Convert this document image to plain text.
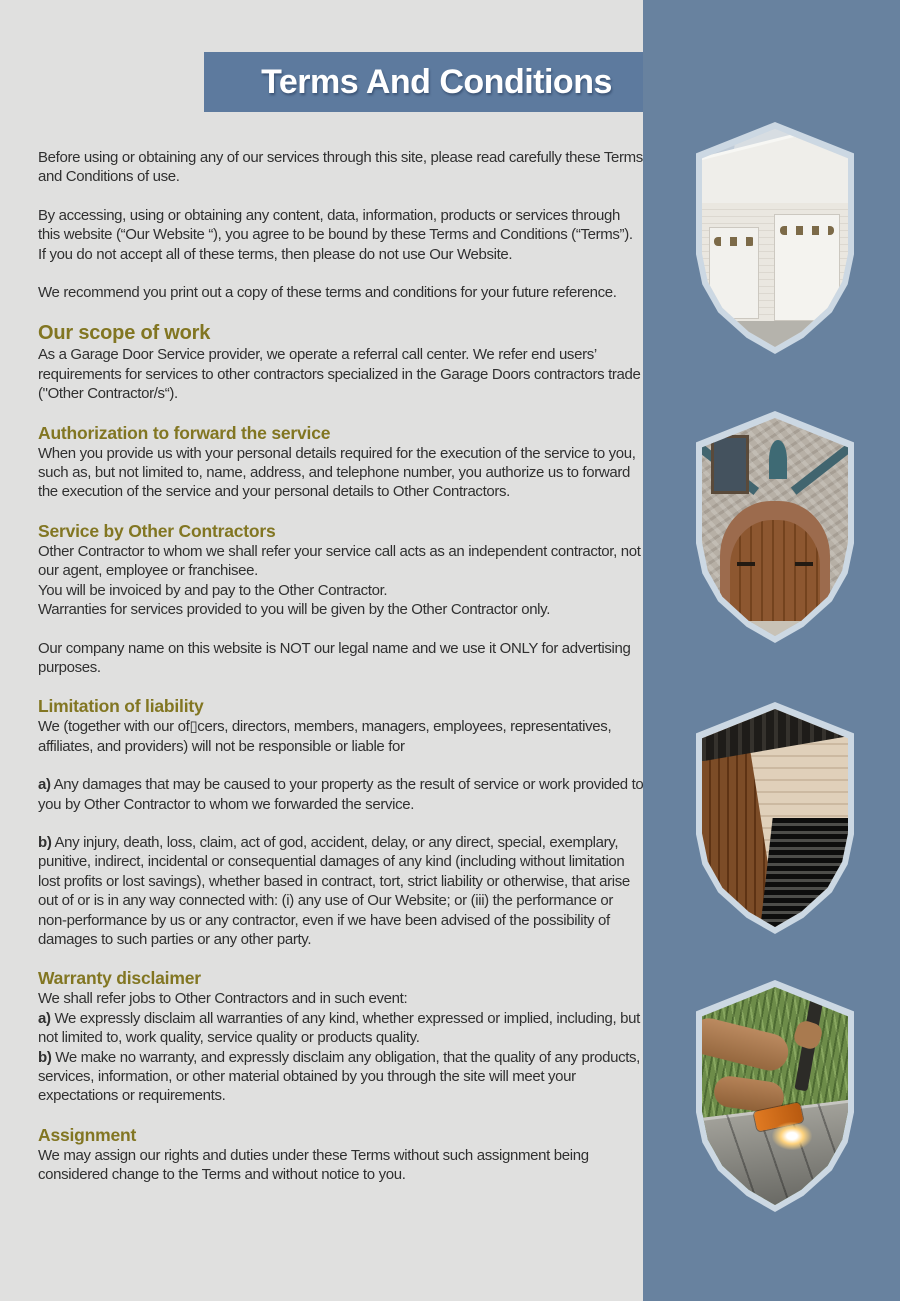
Terms And Conditions

Before using or obtaining any of our services through this site, please read carefully these Terms and Conditions of use.

By accessing, using or obtaining any content, data, information, products or services through this website (“Our Website “), you agree to be bound by these Terms and Conditions (“Terms”). If you do not accept all of these terms, then please do not use Our Website.

We recommend you print out a copy of these terms and conditions for your future reference.

Our scope of work

As a Garage Door Service provider, we operate a referral call center. We refer end users’ requirements for services to other contractors specialized in the Garage Doors contractors trade ("Other Contractor/s“).

Authorization to forward the service

When you provide us with your personal details required for the execution of the service to you, such as, but not limited to, name, address, and telephone number, you authorize us to forward the execution of the service and your personal details to Other Contractors.

Service by Other Contractors

Other Contractor to whom we shall refer your service call acts as an independent contractor, not our agent, employee or franchisee.

You will be invoiced by and pay to the Other Contractor.

Warranties for services provided to you will be given by the Other Contractor only.

Our company name on this website is NOT our legal name and we use it ONLY for advertising purposes.

Limitation of liability

We (together with our of▯cers, directors, members, managers, employees, representatives, affiliates, and providers) will not be responsible or liable for

a) Any damages that may be caused to your property as the result of service or work provided to you by Other Contractor to whom we forwarded the service.

b) Any injury, death, loss, claim, act of god, accident, delay, or any direct, special, exemplary, punitive, indirect, incidental or consequential damages of any kind (including without limitation lost profits or lost savings), whether based in contract, tort, strict liability or otherwise, that arise out of or is in any way connected with: (i) any use of Our Website; or (iii) the performance or non-performance by us or any contractor, even if we have been advised of the possibility of damages to such parties or any other party.

Warranty disclaimer

We shall refer jobs to Other Contractors and in such event:

a) We expressly disclaim all warranties of any kind, whether expressed or implied, including, but not limited to, work quality, service quality or products quality.

b) We make no warranty, and expressly disclaim any obligation, that the quality of any products, services, information, or other material obtained by you through the site will meet your expectations or requirements.

Assignment

We may assign our rights and duties under these Terms without such assignment being considered change to the Terms and without notice to you.
